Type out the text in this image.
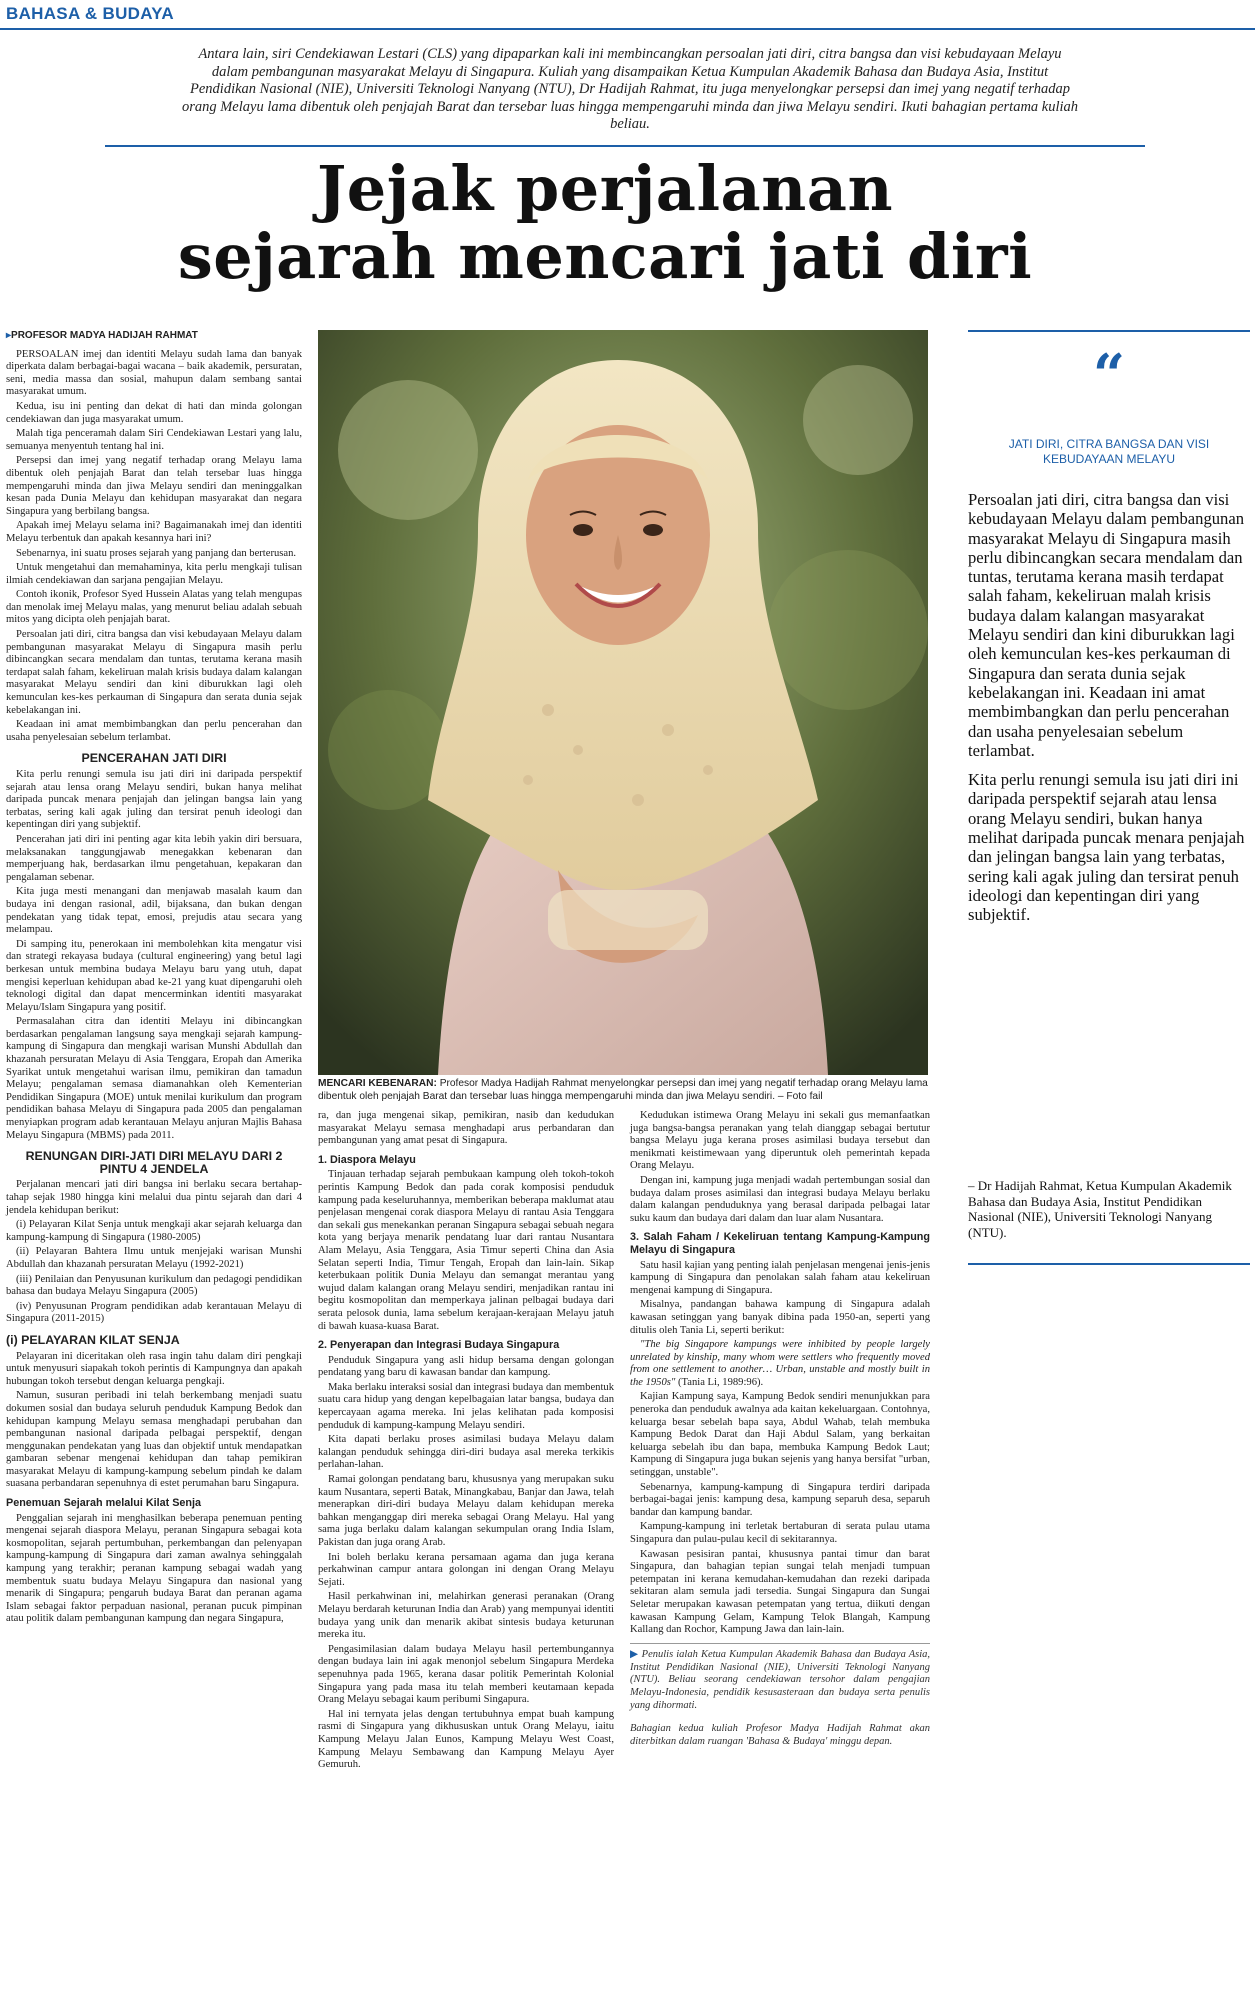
BAHASA & BUDAYA
Antara lain, siri Cendekiawan Lestari (CLS) yang dipaparkan kali ini membincangkan persoalan jati diri, citra bangsa dan visi kebudayaan Melayu dalam pembangunan masyarakat Melayu di Singapura. Kuliah yang disampaikan Ketua Kumpulan Akademik Bahasa dan Budaya Asia, Institut Pendidikan Nasional (NIE), Universiti Teknologi Nanyang (NTU), Dr Hadijah Rahmat, itu juga menyelongkar persepsi dan imej yang negatif terhadap orang Melayu lama dibentuk oleh penjajah Barat dan tersebar luas hingga mempengaruhi minda dan jiwa Melayu sendiri. Ikuti bahagian pertama kuliah beliau.
Jejak perjalanan
sejarah mencari jati diri
▸PROFESOR MADYA HADIJAH RAHMAT

PERSOALAN imej dan identiti Melayu sudah lama dan banyak diperkata dalam berbagai-bagai wacana – baik akademik, persuratan, seni, media massa dan sosial, mahupun dalam sembang santai masyarakat umum.

Kedua, isu ini penting dan dekat di hati dan minda golongan cendekiawan dan juga masyarakat umum.

Malah tiga penceramah dalam Siri Cendekiawan Lestari yang lalu, semuanya menyentuh tentang hal ini.

Persepsi dan imej yang negatif terhadap orang Melayu lama dibentuk oleh penjajah Barat dan telah tersebar luas hingga mempengaruhi minda dan jiwa Melayu sendiri dan meninggalkan kesan pada Dunia Melayu dan kehidupan masyarakat dan negara Singapura yang berbilang bangsa.

Apakah imej Melayu selama ini? Bagaimanakah imej dan identiti Melayu terbentuk dan apakah kesannya hari ini?

Sebenarnya, ini suatu proses sejarah yang panjang dan berterusan.

Untuk mengetahui dan memahaminya, kita perlu mengkaji tulisan ilmiah cendekiawan dan sarjana pengajian Melayu.

Contoh ikonik, Profesor Syed Hussein Alatas yang telah mengupas dan menolak imej Melayu malas, yang menurut beliau adalah sebuah mitos yang dicipta oleh penjajah barat.

Persoalan jati diri, citra bangsa dan visi kebudayaan Melayu dalam pembangunan masyarakat Melayu di Singapura masih perlu dibincangkan secara mendalam dan tuntas, terutama kerana masih terdapat salah faham, kekeliruan malah krisis budaya dalam kalangan masyarakat Melayu sendiri dan kini diburukkan lagi oleh kemunculan kes-kes perkauman di Singapura dan serata dunia sejak kebelakangan ini.

Keadaan ini amat membimbangkan dan perlu pencerahan dan usaha penyelesaian sebelum terlambat.

PENCERAHAN JATI DIRI

Kita perlu renungi semula isu jati diri ini daripada perspektif sejarah atau lensa orang Melayu sendiri, bukan hanya melihat daripada puncak menara penjajah dan jelingan bangsa lain yang terbatas, sering kali agak juling dan tersirat penuh ideologi dan kepentingan diri yang subjektif.

Pencerahan jati diri ini penting agar kita lebih yakin diri bersuara, melaksanakan tanggungjawab menegakkan kebenaran dan memperjuang hak, berdasarkan ilmu pengetahuan, kepakaran dan pengalaman sebenar.

Kita juga mesti menangani dan menjawab masalah kaum dan budaya ini dengan rasional, adil, bijaksana, dan bukan dengan pendekatan yang tidak tepat, emosi, prejudis atau secara yang melampau.

Di samping itu, penerokaan ini membolehkan kita mengatur visi dan strategi rekayasa budaya (cultural engineering) yang betul lagi berkesan untuk membina budaya Melayu baru yang utuh, dapat mengisi keperluan kehidupan abad ke-21 yang kuat dipengaruhi oleh teknologi digital dan dapat mencerminkan identiti masyarakat Melayu/Islam Singapura yang positif.

Permasalahan citra dan identiti Melayu ini dibincangkan berdasarkan pengalaman langsung saya mengkaji sejarah kampung-kampung di Singapura dan mengkaji warisan Munshi Abdullah dan khazanah persuratan Melayu di Asia Tenggara, Eropah dan Amerika Syarikat untuk mengetahui warisan ilmu, pemikiran dan tamadun Melayu; pengalaman semasa diamanahkan oleh Kementerian Pendidikan Singapura (MOE) untuk menilai kurikulum dan program pendidikan bahasa Melayu di Singapura pada 2005 dan pengalaman menyiapkan program adab kerantauan Melayu anjuran Majlis Bahasa Melayu Singapura (MBMS) pada 2011.

RENUNGAN DIRI-JATI DIRI MELAYU DARI 2 PINTU 4 JENDELA

Perjalanan mencari jati diri bangsa ini berlaku secara bertahap-tahap sejak 1980 hingga kini melalui dua pintu sejarah dan dari 4 jendela kehidupan berikut:

(i) Pelayaran Kilat Senja untuk mengkaji akar sejarah keluarga dan kampung-kampung di Singapura (1980-2005)

(ii) Pelayaran Bahtera Ilmu untuk menjejaki warisan Munshi Abdullah dan khazanah persuratan Melayu (1992-2021)

(iii) Penilaian dan Penyusunan kurikulum dan pedagogi pendidikan bahasa dan budaya Melayu Singapura (2005)

(iv) Penyusunan Program pendidikan adab kerantauan Melayu di Singapura (2011-2015)

(i) PELAYARAN KILAT SENJA

Pelayaran ini diceritakan oleh rasa ingin tahu dalam diri pengkaji untuk menyusuri siapakah tokoh perintis di Kampungnya dan apakah hubungan tokoh tersebut dengan keluarga pengkaji.

Namun, susuran peribadi ini telah berkembang menjadi suatu dokumen sosial dan budaya seluruh penduduk Kampung Bedok dan kehidupan kampung Melayu semasa menghadapi perubahan dan pembangunan nasional daripada pelbagai perspektif, dengan menggunakan pendekatan yang luas dan objektif untuk mendapatkan gambaran sebenar mengenai kehidupan dan tahap pemikiran masyarakat Melayu di kampung-kampung sebelum pindah ke dalam suasana perbandaran sepenuhnya di estet perumahan baru Singapura.

Penemuan Sejarah melalui Kilat Senja

Penggalian sejarah ini menghasilkan beberapa penemuan penting mengenai sejarah diaspora Melayu, peranan Singapura sebagai kota kosmopolitan, sejarah pertumbuhan, perkembangan dan pelenyapan kampung-kampung di Singapura dari zaman awalnya sehinggalah kampung yang terakhir; peranan kampung sebagai wadah yang membentuk suatu budaya Melayu Singapura dan nasional yang menarik di Singapura; pengaruh budaya Barat dan peranan agama Islam sebagai faktor perpaduan nasional, peranan pucuk pimpinan atau politik dalam pembangunan kampung dan negara Singapura,

MENCARI KEBENARAN: Profesor Madya Hadijah Rahmat menyelongkar persepsi dan imej yang negatif terhadap orang Melayu lama dibentuk oleh penjajah Barat dan tersebar luas hingga mempengaruhi minda dan jiwa Melayu sendiri. – Foto fail

ra, dan juga mengenai sikap, pemikiran, nasib dan kedudukan masyarakat Melayu semasa menghadapi arus perbandaran dan pembangunan yang amat pesat di Singapura.

1. Diaspora Melayu

Tinjauan terhadap sejarah pembukaan kampung oleh tokoh-tokoh perintis Kampung Bedok dan pada corak komposisi penduduk kampung pada keseluruhannya, memberikan beberapa maklumat atau penjelasan mengenai corak diaspora Melayu di rantau Asia Tenggara dan sekali gus menekankan peranan Singapura sebagai sebuah negara kota yang berjaya menarik pendatang luar dari rantau Nusantara Alam Melayu, Asia Tenggara, Asia Timur seperti China dan Asia Selatan seperti India, Timur Tengah, Eropah dan lain-lain. Sikap keterbukaan politik Dunia Melayu dan semangat merantau yang wujud dalam kalangan orang Melayu sendiri, menjadikan rantau ini begitu kosmopolitan dan memperkaya jalinan pelbagai budaya dari serata pelosok dunia, lama sebelum kerajaan-kerajaan Melayu jatuh di bawah kuasa-kuasa Barat.

2. Penyerapan dan Integrasi Budaya Singapura

Penduduk Singapura yang asli hidup bersama dengan golongan pendatang yang baru di kawasan bandar dan kampung.

Maka berlaku interaksi sosial dan integrasi budaya dan membentuk suatu cara hidup yang dengan kepelbagaian latar bangsa, budaya dan kepercayaan agama mereka. Ini jelas kelihatan pada komposisi penduduk di kampung-kampung Melayu sendiri.

Kita dapati berlaku proses asimilasi budaya Melayu dalam kalangan penduduk sehingga diri-diri budaya asal mereka terkikis perlahan-lahan.

Ramai golongan pendatang baru, khususnya yang merupakan suku kaum Nusantara, seperti Batak, Minangkabau, Banjar dan Jawa, telah menerapkan diri-diri budaya Melayu dalam kehidupan mereka bahkan menganggap diri mereka sebagai Orang Melayu. Hal yang sama juga berlaku dalam kalangan sekumpulan orang India Islam, Pakistan dan juga orang Arab.

Ini boleh berlaku kerana persamaan agama dan juga kerana perkahwinan campur antara golongan ini dengan Orang Melayu Sejati.

Hasil perkahwinan ini, melahirkan generasi peranakan (Orang Melayu berdarah keturunan India dan Arab) yang mempunyai identiti budaya yang unik dan menarik akibat sintesis budaya keturunan mereka itu.

Pengasimilasian dalam budaya Melayu hasil pertembungannya dengan budaya lain ini agak menonjol sebelum Singapura Merdeka sepenuhnya pada 1965, kerana dasar politik Pemerintah Kolonial Singapura yang pada masa itu telah memberi keutamaan kepada Orang Melayu sebagai kaum peribumi Singapura.

Hal ini ternyata jelas dengan tertubuhnya empat buah kampung rasmi di Singapura yang dikhususkan untuk Orang Melayu, iaitu Kampung Melayu Jalan Eunos, Kampung Melayu West Coast, Kampung Melayu Sembawang dan Kampung Melayu Ayer Gemuruh.

Kedudukan istimewa Orang Melayu ini sekali gus memanfaatkan juga bangsa-bangsa peranakan yang telah dianggap sebagai bertutur bangsa Melayu juga kerana proses asimilasi budaya tersebut dan menikmati keistimewaan yang diperuntuk oleh pemerintah kepada Orang Melayu.

Dengan ini, kampung juga menjadi wadah pertembungan sosial dan budaya dalam proses asimilasi dan integrasi budaya Melayu berlaku dalam kalangan penduduknya yang berasal daripada pelbagai latar suku kaum dan budaya dari dalam dan luar alam Nusantara.

3. Salah Faham / Kekeliruan tentang Kampung-Kampung Melayu di Singapura

Satu hasil kajian yang penting ialah penjelasan mengenai jenis-jenis kampung di Singapura dan penolakan salah faham atau kekeliruan mengenai kampung di Singapura.

Misalnya, pandangan bahawa kampung di Singapura adalah kawasan setinggan yang banyak dibina pada 1950-an, seperti yang ditulis oleh Tania Li, seperti berikut:

"The big Singapore kampungs were inhibited by people largely unrelated by kinship, many whom were settlers who frequently moved from one settlement to another… Urban, unstable and mostly built in the 1950s" (Tania Li, 1989:96).

Kajian Kampung saya, Kampung Bedok sendiri menunjukkan para peneroka dan penduduk awalnya ada kaitan kekeluargaan. Contohnya, keluarga besar sebelah bapa saya, Abdul Wahab, telah membuka Kampung Bedok Darat dan Haji Abdul Salam, yang berkaitan keluarga sebelah ibu dan bapa, membuka Kampung Bedok Laut; Kampung di Singapura juga bukan sejenis yang hanya bersifat "urban, setinggan, unstable".

Sebenarnya, kampung-kampung di Singapura terdiri daripada berbagai-bagai jenis: kampung desa, kampung separuh desa, separuh bandar dan kampung bandar.

Kampung-kampung ini terletak bertaburan di serata pulau utama Singapura dan pulau-pulau kecil di sekitarannya.

Kawasan pesisiran pantai, khususnya pantai timur dan barat Singapura, dan bahagian tepian sungai telah menjadi tumpuan petempatan ini kerana kemudahan-kemudahan dan rezeki daripada sekitaran alam semula jadi tersedia. Sungai Singapura dan Sungai Seletar merupakan kawasan petempatan yang tertua, diikuti dengan kawasan Kampung Gelam, Kampung Telok Blangah, Kampung Kallang dan Rochor, Kampung Jawa dan lain-lain.

▶ Penulis ialah Ketua Kumpulan Akademik Bahasa dan Budaya Asia, Institut Pendidikan Nasional (NIE), Universiti Teknologi Nanyang (NTU). Beliau seorang cendekiawan tersohor dalam pengajian Melayu-Indonesia, pendidik kesusasteraan dan budaya serta penulis yang dihormati.
Bahagian kedua kuliah Profesor Madya Hadijah Rahmat akan diterbitkan dalam ruangan 'Bahasa & Budaya' minggu depan.
“
JATI DIRI, CITRA BANGSA DAN VISI KEBUDAYAAN MELAYU

Persoalan jati diri, citra bangsa dan visi kebudayaan Melayu dalam pembangunan masyarakat Melayu di Singapura masih perlu dibincangkan secara mendalam dan tuntas, terutama kerana masih terdapat salah faham, kekeliruan malah krisis budaya dalam kalangan masyarakat Melayu sendiri dan kini diburukkan lagi oleh kemunculan kes-kes perkauman di Singapura dan serata dunia sejak kebelakangan ini. Keadaan ini amat membimbangkan dan perlu pencerahan dan usaha penyelesaian sebelum terlambat.

Kita perlu renungi semula isu jati diri ini daripada perspektif sejarah atau lensa orang Melayu sendiri, bukan hanya melihat daripada puncak menara penjajah dan jelingan bangsa lain yang terbatas, sering kali agak juling dan tersirat penuh ideologi dan kepentingan diri yang subjektif.

– Dr Hadijah Rahmat, Ketua Kumpulan Akademik Bahasa dan Budaya Asia, Institut Pendidikan Nasional (NIE), Universiti Teknologi Nanyang (NTU).
